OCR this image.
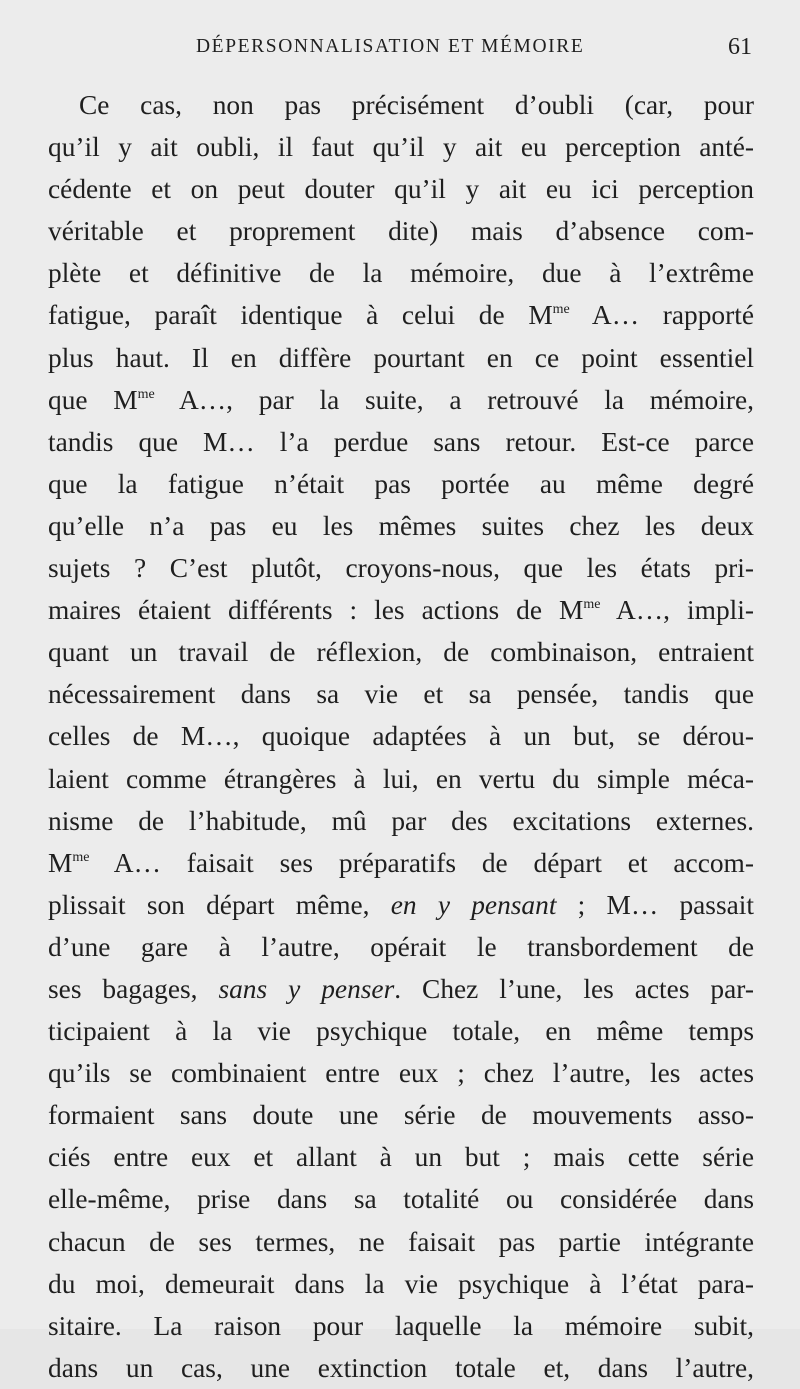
DÉPERSONNALISATION ET MÉMOIRE	61
Ce cas, non pas précisément d’oubli (car, pour
qu’il y ait oubli, il faut qu’il y ait eu perception anté-
cédente et on peut douter qu’il y ait eu ici perception
véritable et proprement dite) mais d’absence com-
plète et définitive de la mémoire, due à l’extrême
fatigue, paraît identique à celui de $M^{me}$ A… rapporté
plus haut. Il en diffère pourtant en ce point essentiel
que $M^{me}$ A…, par la suite, a retrouvé la mémoire,
tandis que M… l’a perdue sans retour. Est-ce parce
que la fatigue n’était pas portée au même degré
qu’elle n’a pas eu les mêmes suites chez les deux
sujets ? C’est plutôt, croyons-nous, que les états pri-
maires étaient différents : les actions de $M^{me}$ A…, impli-
quant un travail de réflexion, de combinaison, entraient
nécessairement dans sa vie et sa pensée, tandis que
celles de M…, quoique adaptées à un but, se dérou-
laient comme étrangères à lui, en vertu du simple méca-
nisme de l’habitude, mû par des excitations externes.
$M^{me}$ A… faisait ses préparatifs de départ et accom-
plissait son départ même, en y pensant ; M… passait
d’une gare à l’autre, opérait le transbordement de
ses bagages, sans y penser. Chez l’une, les actes par-
ticipaient à la vie psychique totale, en même temps
qu’ils se combinaient entre eux ; chez l’autre, les actes
formaient sans doute une série de mouvements asso-
ciés entre eux et allant à un but ; mais cette série
elle-même, prise dans sa totalité ou considérée dans
chacun de ses termes, ne faisait pas partie intégrante
du moi, demeurait dans la vie psychique à l’état para-
sitaire. La raison pour laquelle la mémoire subit,
dans un cas, une extinction totale et, dans l’autre,
